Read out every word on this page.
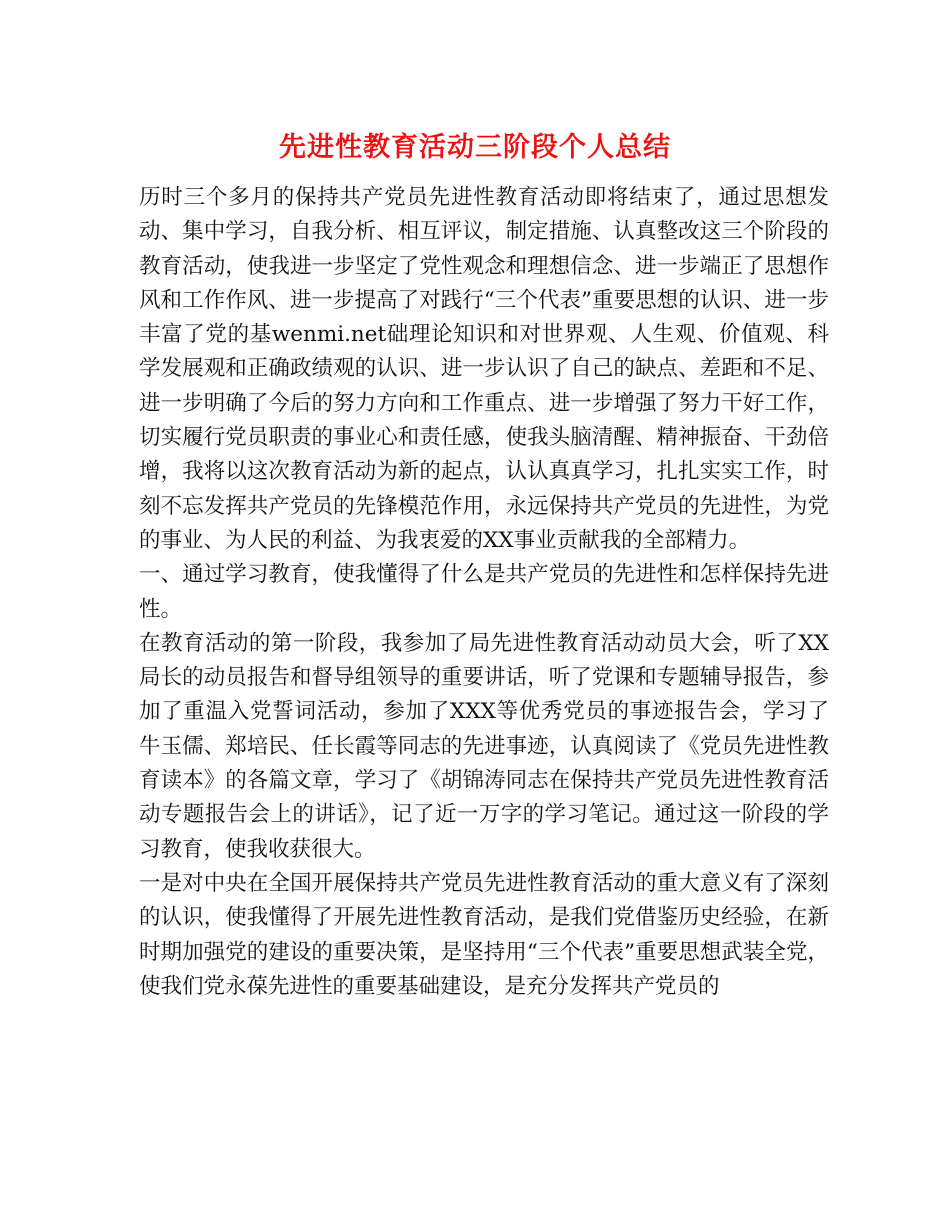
先进性教育活动三阶段个人总结

历时三个多月的保持共产党员先进性教育活动即将结束了，通过思想发动、集中学习，自我分析、相互评议，制定措施、认真整改这三个阶段的教育活动，使我进一步坚定了党性观念和理想信念、进一步端正了思想作风和工作作风、进一步提高了对践行“三个代表”重要思想的认识、进一步丰富了党的基wenmi.net础理论知识和对世界观、人生观、价值观、科学发展观和正确政绩观的认识、进一步认识了自己的缺点、差距和不足、进一步明确了今后的努力方向和工作重点、进一步增强了努力干好工作，切实履行党员职责的事业心和责任感，使我头脑清醒、精神振奋、干劲倍增，我将以这次教育活动为新的起点，认认真真学习，扎扎实实工作，时刻不忘发挥共产党员的先锋模范作用，永远保持共产党员的先进性，为党的事业、为人民的利益、为我衷爱的XX事业贡献我的全部精力。

一、通过学习教育，使我懂得了什么是共产党员的先进性和怎样保持先进性。

在教育活动的第一阶段，我参加了局先进性教育活动动员大会，听了XX局长的动员报告和督导组领导的重要讲话，听了党课和专题辅导报告，参加了重温入党誓词活动，参加了XXX等优秀党员的事迹报告会，学习了牛玉儒、郑培民、任长霞等同志的先进事迹，认真阅读了《党员先进性教育读本》的各篇文章，学习了《胡锦涛同志在保持共产党员先进性教育活动专题报告会上的讲话》，记了近一万字的学习笔记。通过这一阶段的学习教育，使我收获很大。

一是对中央在全国开展保持共产党员先进性教育活动的重大意义有了深刻的认识，使我懂得了开展先进性教育活动，是我们党借鉴历史经验，在新时期加强党的建设的重要决策，是坚持用“三个代表”重要思想武装全党，使我们党永葆先进性的重要基础建设，是充分发挥共产党员的
